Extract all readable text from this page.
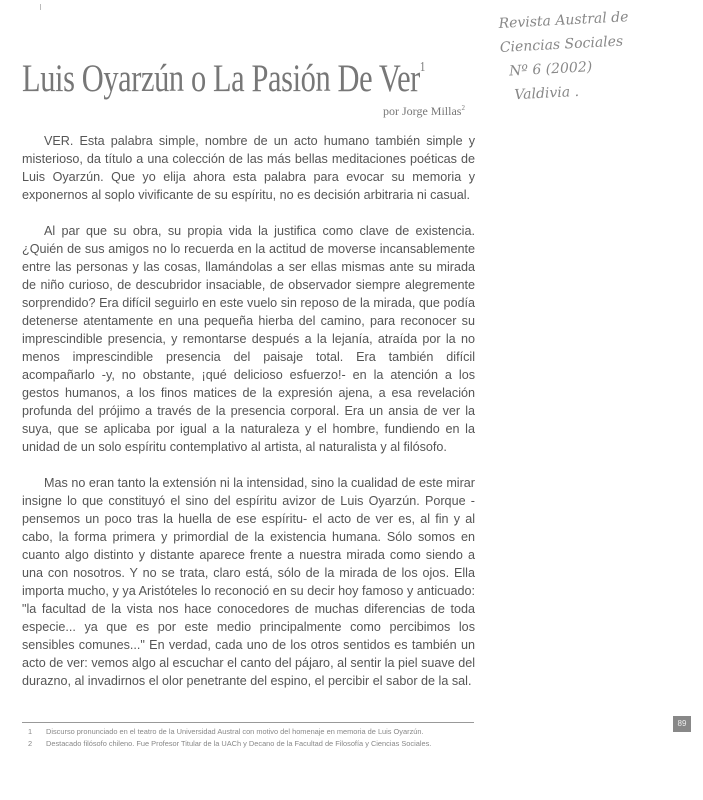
Luis Oyarzún o La Pasión De Ver$^1$
por Jorge Millas$^2$
Revista Austral de
Ciencias Sociales
Nº 6 (2002)
Valdivia .

VER. Esta palabra simple, nombre de un acto humano también simple y misterioso, da título a una colección de las más bellas meditaciones poéticas de Luis Oyarzún. Que yo elija ahora esta palabra para evocar su memoria y exponernos al soplo vivificante de su espíritu, no es decisión arbitraria ni casual.

Al par que su obra, su propia vida la justifica como clave de existencia. ¿Quién de sus amigos no lo recuerda en la actitud de moverse incansablemente entre las personas y las cosas, llamándolas a ser ellas mismas ante su mirada de niño curioso, de descubridor insaciable, de observador siempre alegremente sorprendido? Era difícil seguirlo en este vuelo sin reposo de la mirada, que podía detenerse atentamente en una pequeña hierba del camino, para reconocer su imprescindible presencia, y remontarse después a la lejanía, atraída por la no menos imprescindible presencia del paisaje total. Era también difícil acompañarlo -y, no obstante, ¡qué delicioso esfuerzo!- en la atención a los gestos humanos, a los finos matices de la expresión ajena, a esa revelación profunda del prójimo a través de la presencia corporal. Era un ansia de ver la suya, que se aplicaba por igual a la naturaleza y el hombre, fundiendo en la unidad de un solo espíritu contemplativo al artista, al naturalista y al filósofo.

Mas no eran tanto la extensión ni la intensidad, sino la cualidad de este mirar insigne lo que constituyó el sino del espíritu avizor de Luis Oyarzún. Porque -pensemos un poco tras la huella de ese espíritu- el acto de ver es, al fin y al cabo, la forma primera y primordial de la existencia humana. Sólo somos en cuanto algo distinto y distante aparece frente a nuestra mirada como siendo a una con nosotros. Y no se trata, claro está, sólo de la mirada de los ojos. Ella importa mucho, y ya Aristóteles lo reconoció en su decir hoy famoso y anticuado: "la facultad de la vista nos hace conocedores de muchas diferencias de toda especie... ya que es por este medio principalmente como percibimos los sensibles comunes..." En verdad, cada uno de los otros sentidos es también un acto de ver: vemos algo al escuchar el canto del pájaro, al sentir la piel suave del durazno, al invadirnos el olor penetrante del espino, el percibir el sabor de la sal.

1 Discurso pronunciado en el teatro de la Universidad Austral con motivo del homenaje en memoria de Luis Oyarzún.
2 Destacado filósofo chileno. Fue Profesor Titular de la UACh y Decano de la Facultad de Filosofía y Ciencias Sociales.
89
